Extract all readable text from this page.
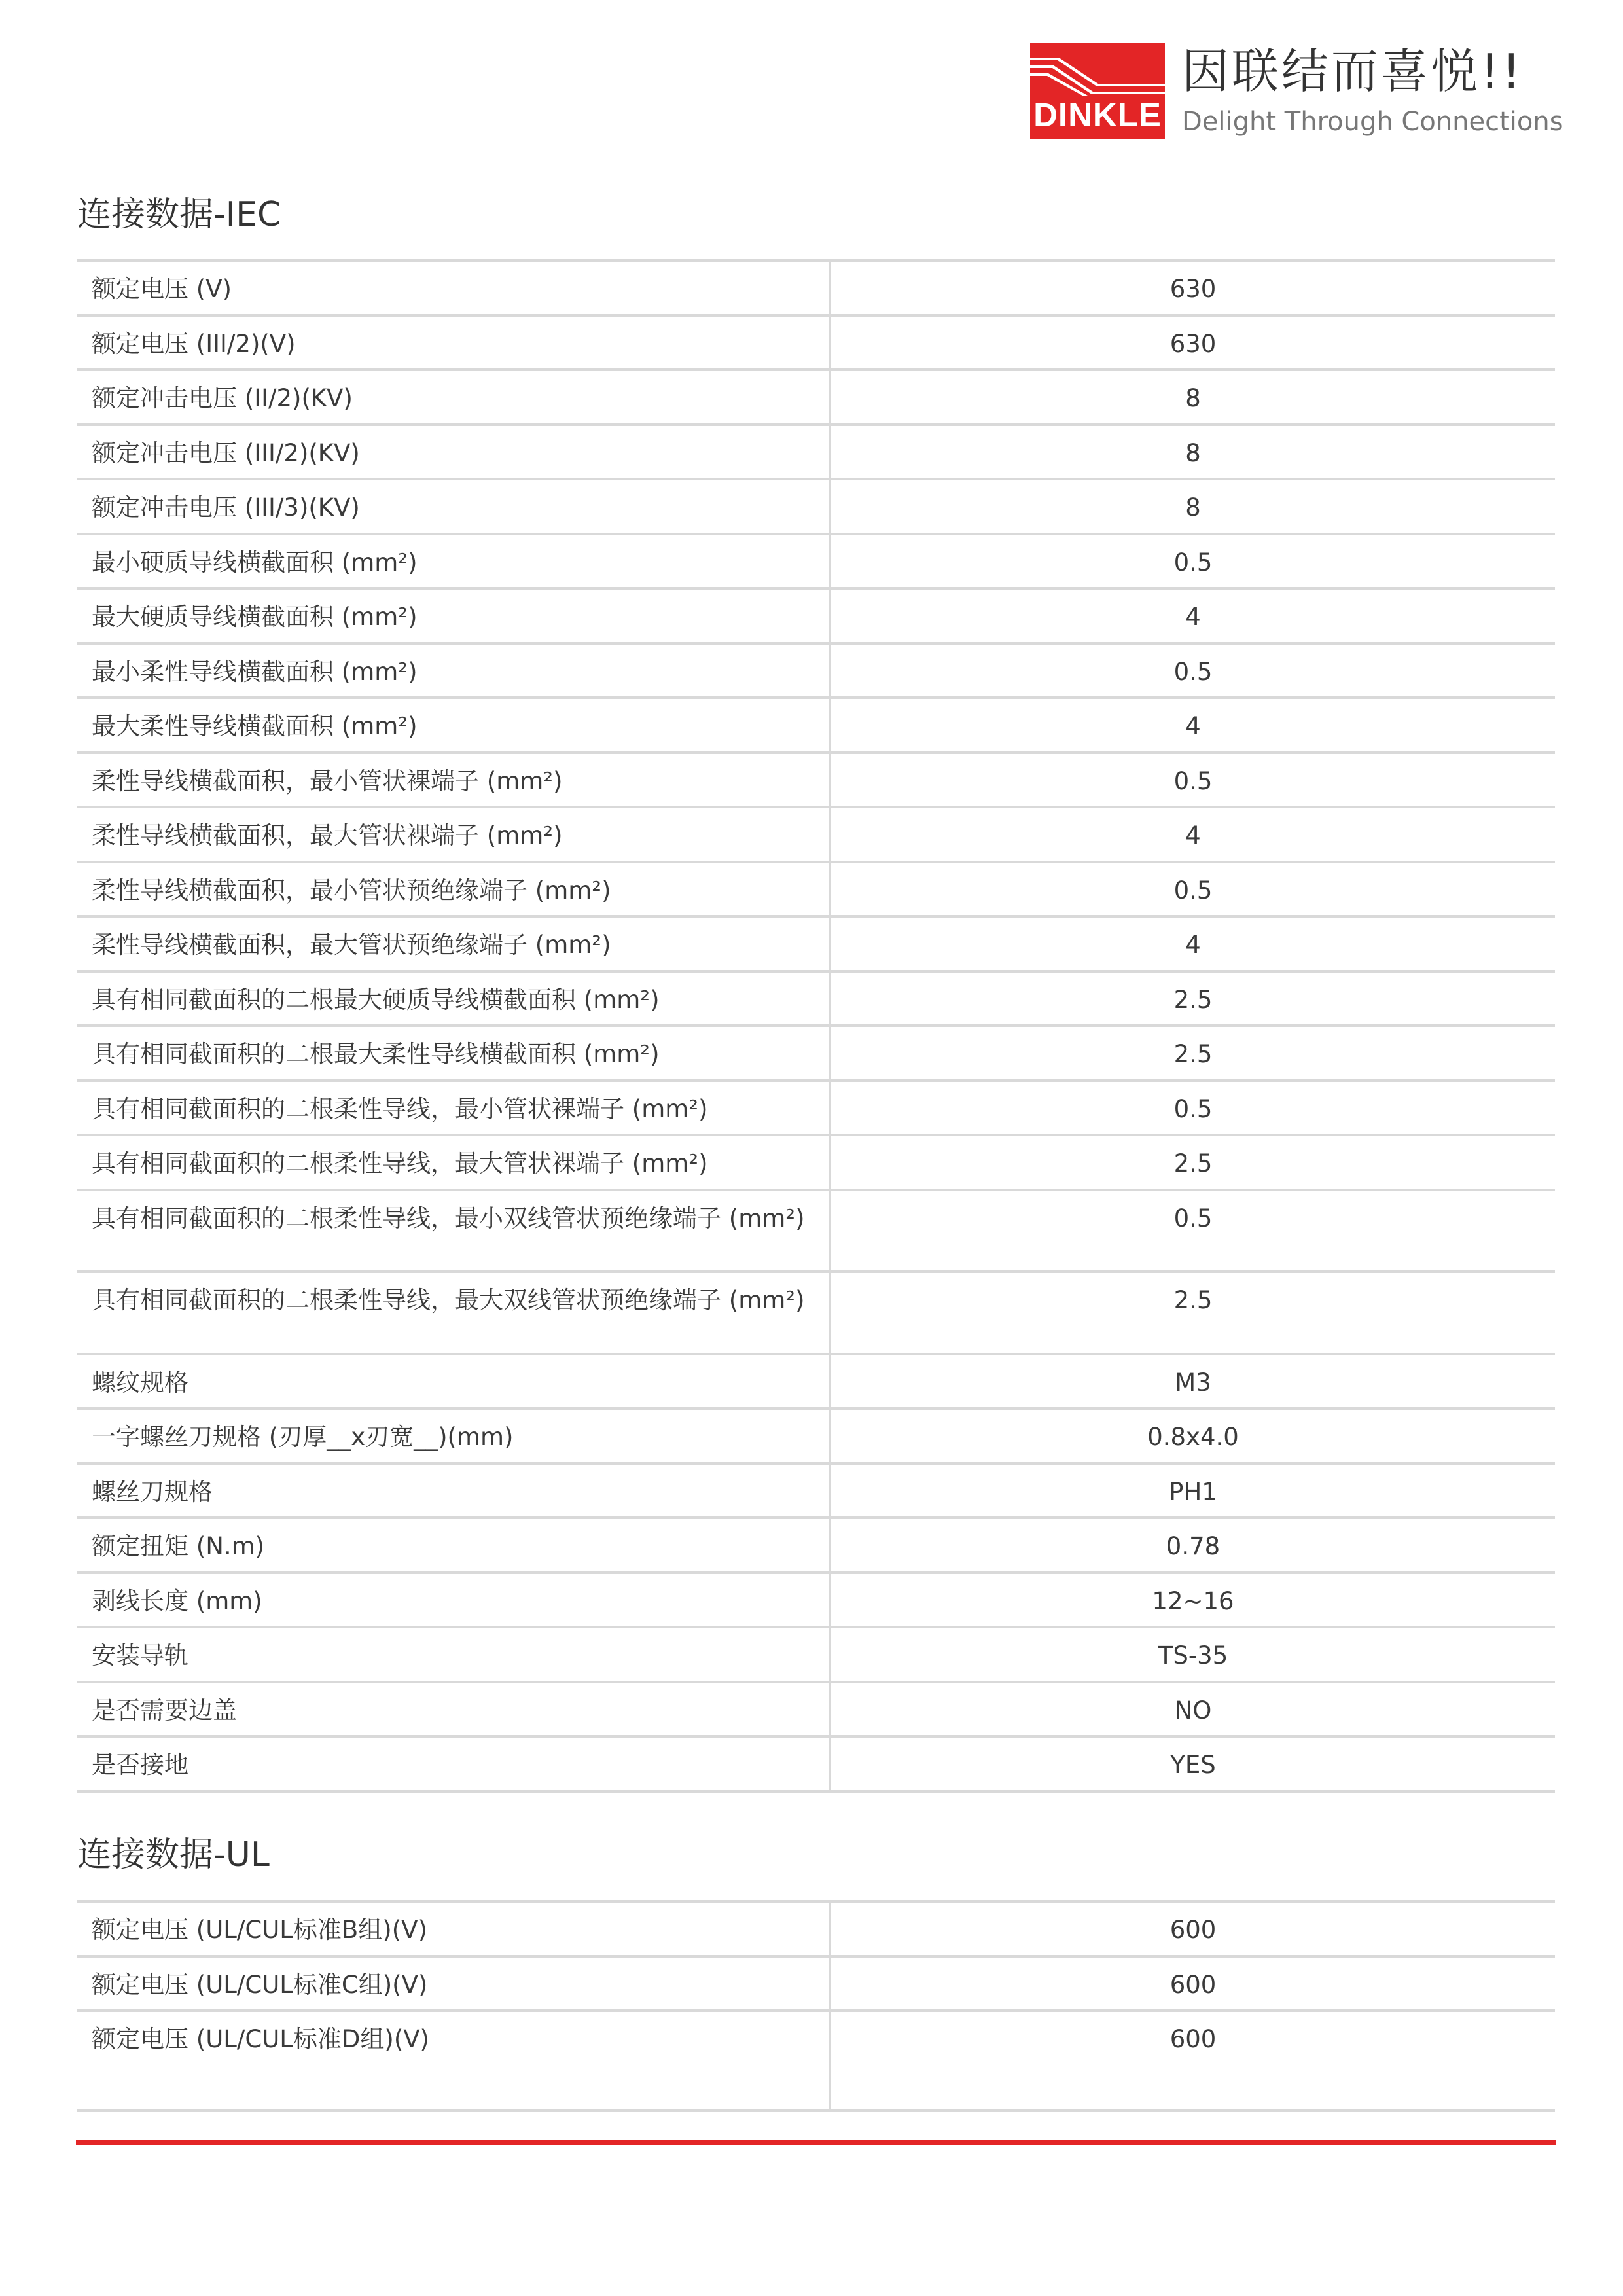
DINKLE
因联结而喜悦!!
Delight Through Connections
连接数据-IEC
额定电压 (V)	630
额定电压 (III/2)(V)	630
额定冲击电压 (II/2)(KV)	8
额定冲击电压 (III/2)(KV)	8
额定冲击电压 (III/3)(KV)	8
最小硬质导线横截面积 (mm²)	0.5
最大硬质导线横截面积 (mm²)	4
最小柔性导线横截面积 (mm²)	0.5
最大柔性导线横截面积 (mm²)	4
柔性导线横截面积，最小管状裸端子 (mm²)	0.5
柔性导线横截面积，最大管状裸端子 (mm²)	4
柔性导线横截面积，最小管状预绝缘端子 (mm²)	0.5
柔性导线横截面积，最大管状预绝缘端子 (mm²)	4
具有相同截面积的二根最大硬质导线横截面积 (mm²)	2.5
具有相同截面积的二根最大柔性导线横截面积 (mm²)	2.5
具有相同截面积的二根柔性导线，最小管状裸端子 (mm²)	0.5
具有相同截面积的二根柔性导线，最大管状裸端子 (mm²)	2.5
具有相同截面积的二根柔性导线，最小双线管状预绝缘端子 (mm²)	0.5
具有相同截面积的二根柔性导线，最大双线管状预绝缘端子 (mm²)	2.5
螺纹规格	M3
一字螺丝刀规格 (刃厚__x刃宽__)(mm)	0.8x4.0
螺丝刀规格	PH1
额定扭矩 (N.m)	0.78
剥线长度 (mm)	12~16
安装导轨	TS-35
是否需要边盖	NO
是否接地	YES
连接数据-UL
额定电压 (UL/CUL标准B组)(V)	600
额定电压 (UL/CUL标准C组)(V)	600
额定电压 (UL/CUL标准D组)(V)	600
